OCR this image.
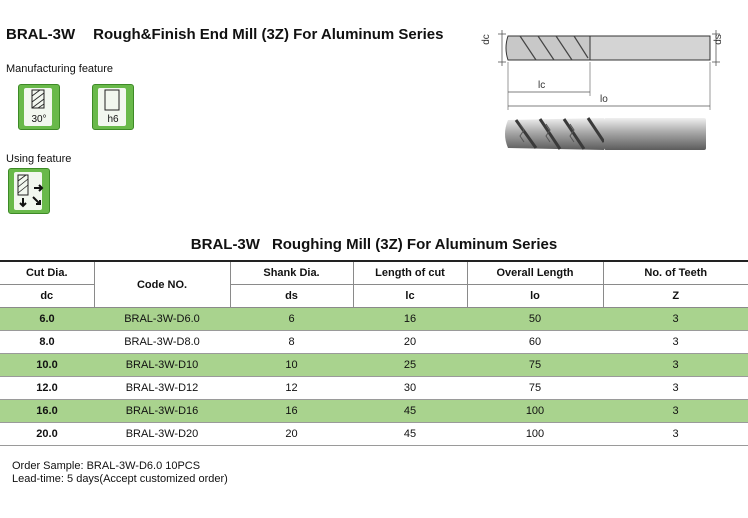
BRAL-3W Rough&Finish End Mill (3Z) For Aluminum Series
Manufacturing feature
30°	h6
Using feature
dc	ds
lc
lo
BRAL-3W Roughing Mill (3Z) For Aluminum Series
Cut Dia.	Code NO.	Shank Dia.	Length of cut	Overall Length	No. of Teeth
dc		ds	lc	lo	Z
6.0	BRAL-3W-D6.0	6	16	50	3
8.0	BRAL-3W-D8.0	8	20	60	3
10.0	BRAL-3W-D10	10	25	75	3
12.0	BRAL-3W-D12	12	30	75	3
16.0	BRAL-3W-D16	16	45	100	3
20.0	BRAL-3W-D20	20	45	100	3
Order Sample: BRAL-3W-D6.0 10PCS
Lead-time: 5 days(Accept customized order)
